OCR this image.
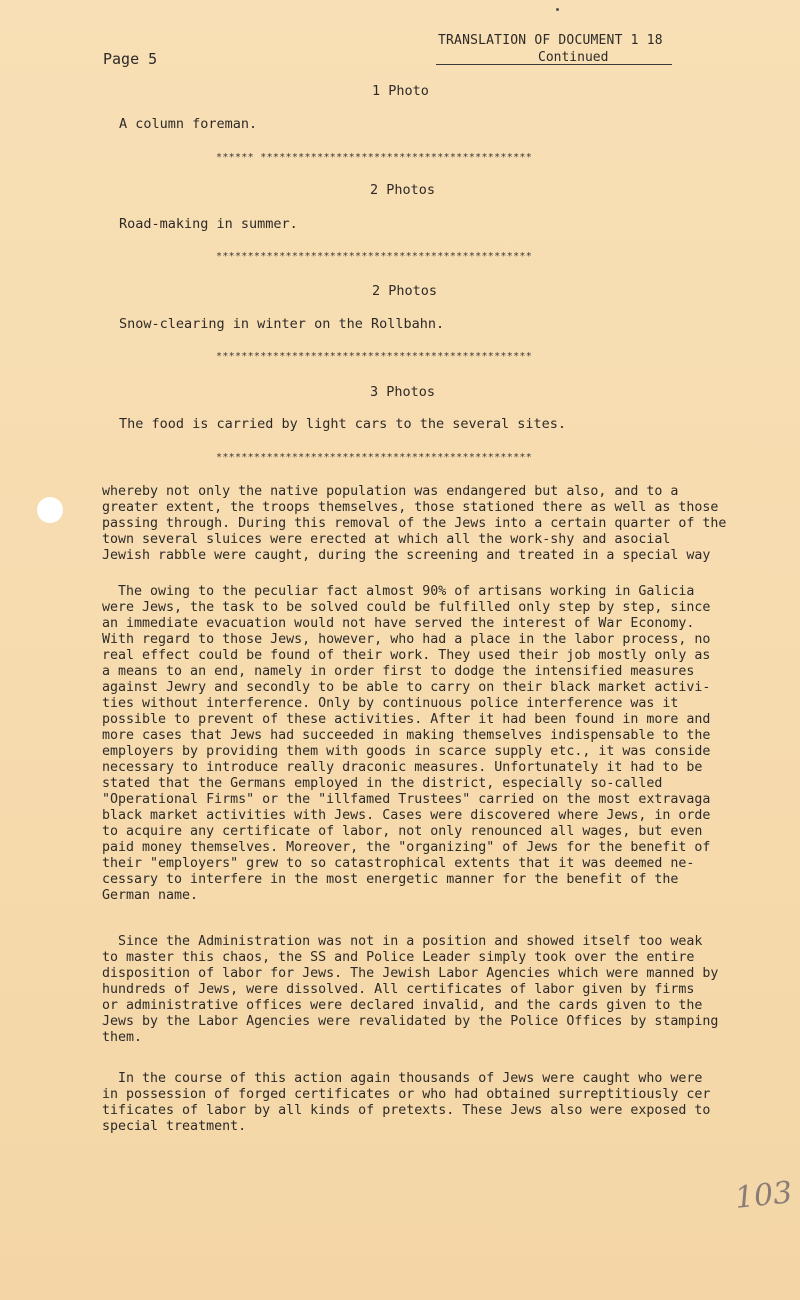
TRANSLATION OF DOCUMENT 1 18
Continued
Page 5
1 Photo
A column foreman.
****** *******************************************
2 Photos
Road-making in summer.
**************************************************
2 Photos
Snow-clearing in winter on the Rollbahn.
**************************************************
3 Photos
The food is carried by light cars to the several sites.
**************************************************
whereby not only the native population was endangered but also, and to a
greater extent, the troops themselves, those stationed there as well as those
passing through. During this removal of the Jews into a certain quarter of the
town several sluices were erected at which all the work-shy and asocial
Jewish rabble were caught, during the screening and treated in a special way
The owing to the peculiar fact almost 90% of artisans working in Galicia
were Jews, the task to be solved could be fulfilled only step by step, since
an immediate evacuation would not have served the interest of War Economy.
With regard to those Jews, however, who had a place in the labor process, no
real effect could be found of their work. They used their job mostly only as
a means to an end, namely in order first to dodge the intensified measures
against Jewry and secondly to be able to carry on their black market activi-
ties without interference. Only by continuous police interference was it
possible to prevent of these activities. After it had been found in more and
more cases that Jews had succeeded in making themselves indispensable to the
employers by providing them with goods in scarce supply etc., it was conside
necessary to introduce really draconic measures. Unfortunately it had to be
stated that the Germans employed in the district, especially so-called
"Operational Firms" or the "illfamed Trustees" carried on the most extravaga
black market activities with Jews. Cases were discovered where Jews, in orde
to acquire any certificate of labor, not only renounced all wages, but even
paid money themselves. Moreover, the "organizing" of Jews for the benefit of
their "employers" grew to so catastrophical extents that it was deemed ne-
cessary to interfere in the most energetic manner for the benefit of the
German name.
Since the Administration was not in a position and showed itself too weak
to master this chaos, the SS and Police Leader simply took over the entire
disposition of labor for Jews. The Jewish Labor Agencies which were manned by
hundreds of Jews, were dissolved. All certificates of labor given by firms
or administrative offices were declared invalid, and the cards given to the
Jews by the Labor Agencies were revalidated by the Police Offices by stamping
them.
In the course of this action again thousands of Jews were caught who were
in possession of forged certificates or who had obtained surreptitiously cer
tificates of labor by all kinds of pretexts. These Jews also were exposed to
special treatment.
103
